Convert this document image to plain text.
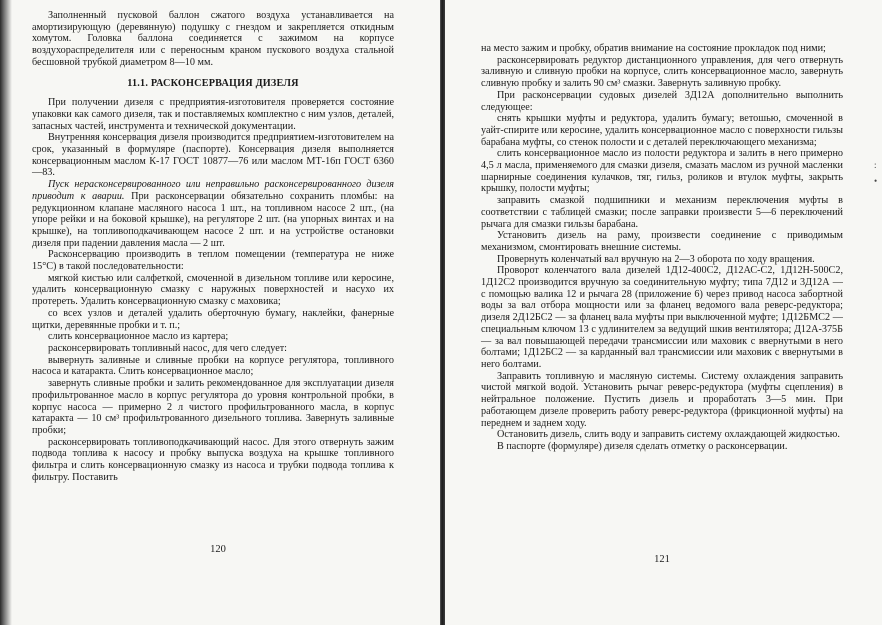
Заполненный пусковой баллон сжатого воздуха устанавливается на амортизирующую (деревянную) подушку с гнездом и закрепляется откидным хомутом. Головка баллона соединяется с зажимом на корпусе воздухораспределителя или с переносным краном пускового воздуха стальной бесшовной трубкой диаметром 8—10 мм.

11.1. РАСКОНСЕРВАЦИЯ ДИЗЕЛЯ

При получении дизеля с предприятия-изготовителя проверяется состояние упаковки как самого дизеля, так и поставляемых комплектно с ним узлов, деталей, запасных частей, инструмента и технической документации.

Внутренняя консервация дизеля производится предприятием-изготовителем на срок, указанный в формуляре (паспорте). Консервация дизеля выполняется консервационным маслом К-17 ГОСТ 10877—76 или маслом МТ-16п ГОСТ 6360—83.

Пуск нерасконсервированного или неправильно расконсервированного дизеля приводит к аварии. При расконсервации обязательно сохранить пломбы: на редукционном клапане масляного насоса 1 шт., на топливном насосе 2 шт., (на упоре рейки и на боковой крышке), на регуляторе 2 шт. (на упорных винтах и на крышке), на топливоподкачивающем насосе 2 шт. и на устройстве остановки дизеля при падении давления масла — 2 шт.

Расконсервацию производить в теплом помещении (температура не ниже 15°С) в такой последовательности:

мягкой кистью или салфеткой, смоченной в дизельном топливе или керосине, удалить консервационную смазку с наружных поверхностей и насухо их протереть. Удалить консервационную смазку с маховика;

со всех узлов и деталей удалить оберточную бумагу, наклейки, фанерные щитки, деревянные пробки и т. п.;

слить консервационное масло из картера;

расконсервировать топливный насос, для чего следует:

вывернуть заливные и сливные пробки на корпусе регулятора, топливного насоса и катаракта. Слить консервационное масло;

завернуть сливные пробки и залить рекомендованное для эксплуатации дизеля профильтрованное масло в корпус регулятора до уровня контрольной пробки, в корпус насоса — примерно 2 л чистого профильтрованного масла, в корпус катаракта — 10 см³ профильтрованного дизельного топлива. Завернуть заливные пробки;

расконсервировать топливоподкачивающий насос. Для этого отвернуть зажим подвода топлива к насосу и пробку выпуска воздуха на крышке топливного фильтра и слить консервационную смазку из насоса и трубки подвода топлива к фильтру. Поставить

120

на место зажим и пробку, обратив внимание на состояние прокладок под ними;

расконсервировать редуктор дистанционного управления, для чего отвернуть заливную и сливную пробки на корпусе, слить консервационное масло, завернуть сливную пробку и залить 90 см³ смазки. Завернуть заливную пробку.

При расконсервации судовых дизелей 3Д12А дополнительно выполнить следующее:

снять крышки муфты и редуктора, удалить бумагу; ветошью, смоченной в уайт-спирите или керосине, удалить консервационное масло с поверхности гильзы барабана муфты, со стенок полости и с деталей переключающего механизма;

слить консервационное масло из полости редуктора и залить в него примерно 4,5 л масла, применяемого для смазки дизеля, смазать маслом из ручной масленки шарнирные соединения кулачков, тяг, гильз, роликов и втулок муфты, закрыть крышку, полости муфты;

заправить смазкой подшипники и механизм переключения муфты в соответствии с таблицей смазки; после заправки произвести 5—6 переключений рычага для смазки гильзы барабана.

Установить дизель на раму, произвести соединение с приводимым механизмом, смонтировать внешние системы.

Провернуть коленчатый вал вручную на 2—3 оборота по ходу вращения.

Проворот коленчатого вала дизелей 1Д12-400С2, Д12АС-С2, 1Д12Н-500С2, 1Д12С2 производится вручную за соединительную муфту; типа 7Д12 и 3Д12А — с помощью валика 12 и рычага 28 (приложение 6) через привод насоса забортной воды за вал отбора мощности или за фланец ведомого вала реверс-редуктора; дизеля 2Д12БС2 — за фланец вала муфты при выключенной муфте; 1Д12БМС2 — специальным ключом 13 с удлинителем за ведущий шкив вентилятора; Д12А-375Б — за вал повышающей передачи трансмиссии или маховик с ввернутыми в него болтами; 1Д12БС2 — за карданный вал трансмиссии или маховик с ввернутыми в него болтами.

Заправить топливную и масляную системы. Систему охлаждения заправить чистой мягкой водой. Установить рычаг реверс-редуктора (муфты сцепления) в нейтральное положение. Пустить дизель и проработать 3—5 мин. При работающем дизеле проверить работу реверс-редуктора (фрикционной муфты) на переднем и заднем ходу.

Остановить дизель, слить воду и заправить систему охлаждающей жидкостью.

В паспорте (формуляре) дизеля сделать отметку о расконсервации.

121
:
•
